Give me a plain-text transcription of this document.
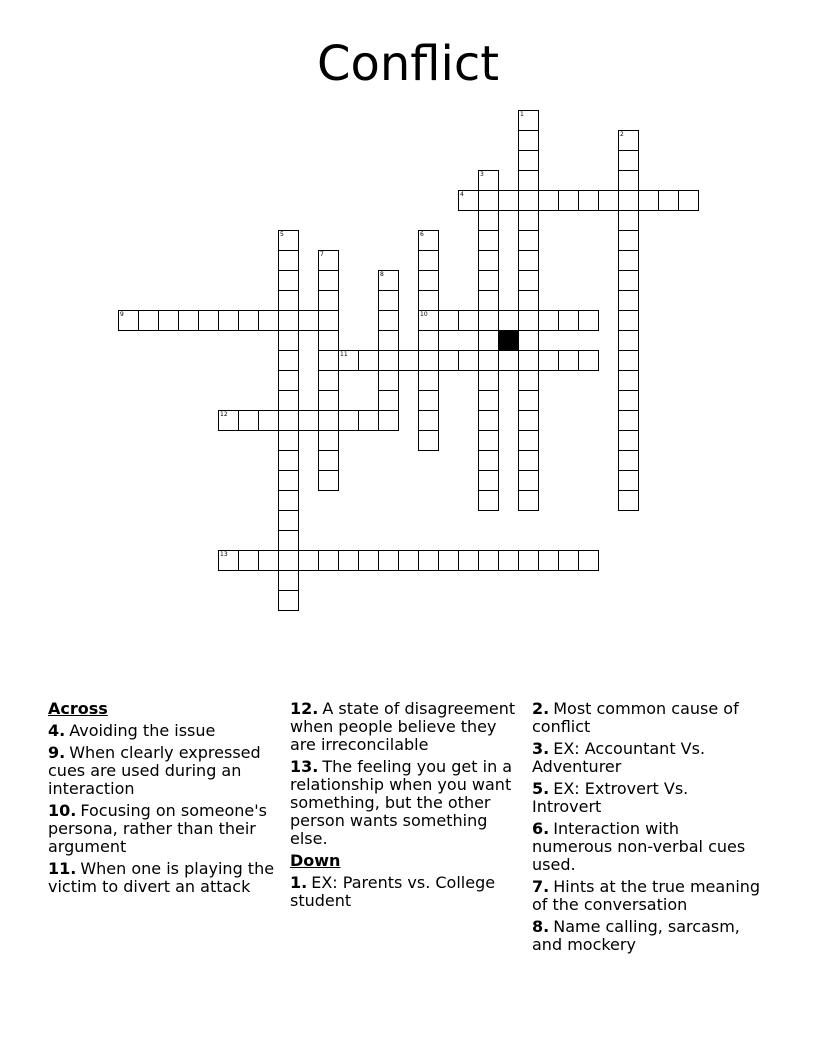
Conflict
1
2
3
4
5	6
10
7
8
9
11
12
13
Across
4. Avoiding the issue
9. When clearly expressed cues are used during an interaction
10. Focusing on someone's persona, rather than their argument
11. When one is playing the victim to divert an attack
12. A state of disagreement when people believe they are irreconcilable
13. The feeling you get in a relationship when you want something, but the other person wants something else.
Down
1. EX: Parents vs. College student
2. Most common cause of conflict
3. EX: Accountant Vs. Adventurer
5. EX: Extrovert Vs. Introvert
6. Interaction with numerous non-verbal cues used.
7. Hints at the true meaning of the conversation
8. Name calling, sarcasm, and mockery
